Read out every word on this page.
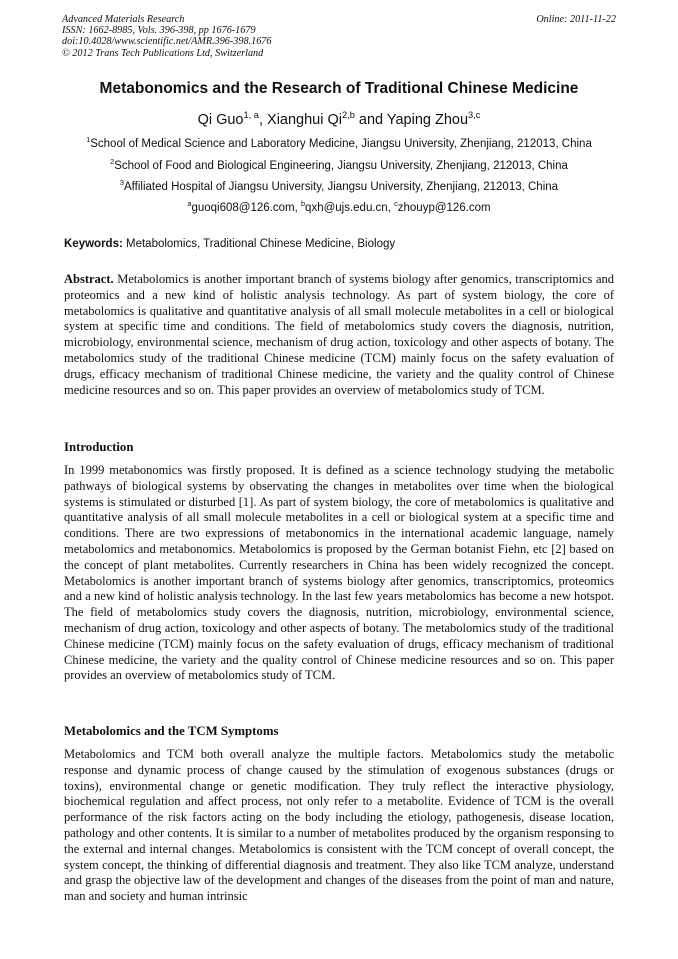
Advanced Materials Research
ISSN: 1662-8985, Vols. 396-398, pp 1676-1679
doi:10.4028/www.scientific.net/AMR.396-398.1676
© 2012 Trans Tech Publications Ltd, Switzerland
Online: 2011-11-22
Metabonomics and the Research of Traditional Chinese Medicine
Qi Guo$^{1, a}$, Xianghui Qi$^{2,b}$ and Yaping Zhou$^{3,c}$
$^1$School of Medical Science and Laboratory Medicine, Jiangsu University, Zhenjiang, 212013, China
$^2$School of Food and Biological Engineering, Jiangsu University, Zhenjiang, 212013, China
$^3$Affiliated Hospital of Jiangsu University, Jiangsu University, Zhenjiang, 212013, China
$^a$guoqi608@126.com, $^b$qxh@ujs.edu.cn, $^c$zhouyp@126.com
Keywords: Metabolomics, Traditional Chinese Medicine, Biology

Abstract. Metabolomics is another important branch of systems biology after genomics, transcriptomics and proteomics and a new kind of holistic analysis technology. As part of system biology, the core of metabolomics is qualitative and quantitative analysis of all small molecule metabolites in a cell or biological system at specific time and conditions. The field of metabolomics study covers the diagnosis, nutrition, microbiology, environmental science, mechanism of drug action, toxicology and other aspects of botany. The metabolomics study of the traditional Chinese medicine (TCM) mainly focus on the safety evaluation of drugs, efficacy mechanism of traditional Chinese medicine, the variety and the quality control of Chinese medicine resources and so on. This paper provides an overview of metabolomics study of TCM.

Introduction

In 1999 metabonomics was firstly proposed. It is defined as a science technology studying the metabolic pathways of biological systems by observating the changes in metabolites over time when the biological systems is stimulated or disturbed [1]. As part of system biology, the core of metabolomics is qualitative and quantitative analysis of all small molecule metabolites in a cell or biological system at a specific time and conditions. There are two expressions of metabonomics in the international academic language, namely metabolomics and metabonomics. Metabolomics is proposed by the German botanist Fiehn, etc [2] based on the concept of plant metabolites. Currently researchers in China has been widely recognized the concept. Metabolomics is another important branch of systems biology after genomics, transcriptomics, proteomics and a new kind of holistic analysis technology. In the last few years metabolomics has become a new hotspot. The field of metabolomics study covers the diagnosis, nutrition, microbiology, environmental science, mechanism of drug action, toxicology and other aspects of botany. The metabolomics study of the traditional Chinese medicine (TCM) mainly focus on the safety evaluation of drugs, efficacy mechanism of traditional Chinese medicine, the variety and the quality control of Chinese medicine resources and so on. This paper provides an overview of metabolomics study of TCM.

Metabolomics and the TCM Symptoms

Metabolomics and TCM both overall analyze the multiple factors. Metabolomics study the metabolic response and dynamic process of change caused by the stimulation of exogenous substances (drugs or toxins), environmental change or genetic modification. They truly reflect the interactive physiology, biochemical regulation and affect process, not only refer to a metabolite. Evidence of TCM is the overall performance of the risk factors acting on the body including the etiology, pathogenesis, disease location, pathology and other contents. It is similar to a number of metabolites produced by the organism responsing to the external and internal changes. Metabolomics is consistent with the TCM concept of overall concept, the system concept, the thinking of differential diagnosis and treatment. They also like TCM analyze, understand and grasp the objective law of the development and changes of the diseases from the point of man and nature, man and society and human intrinsic
